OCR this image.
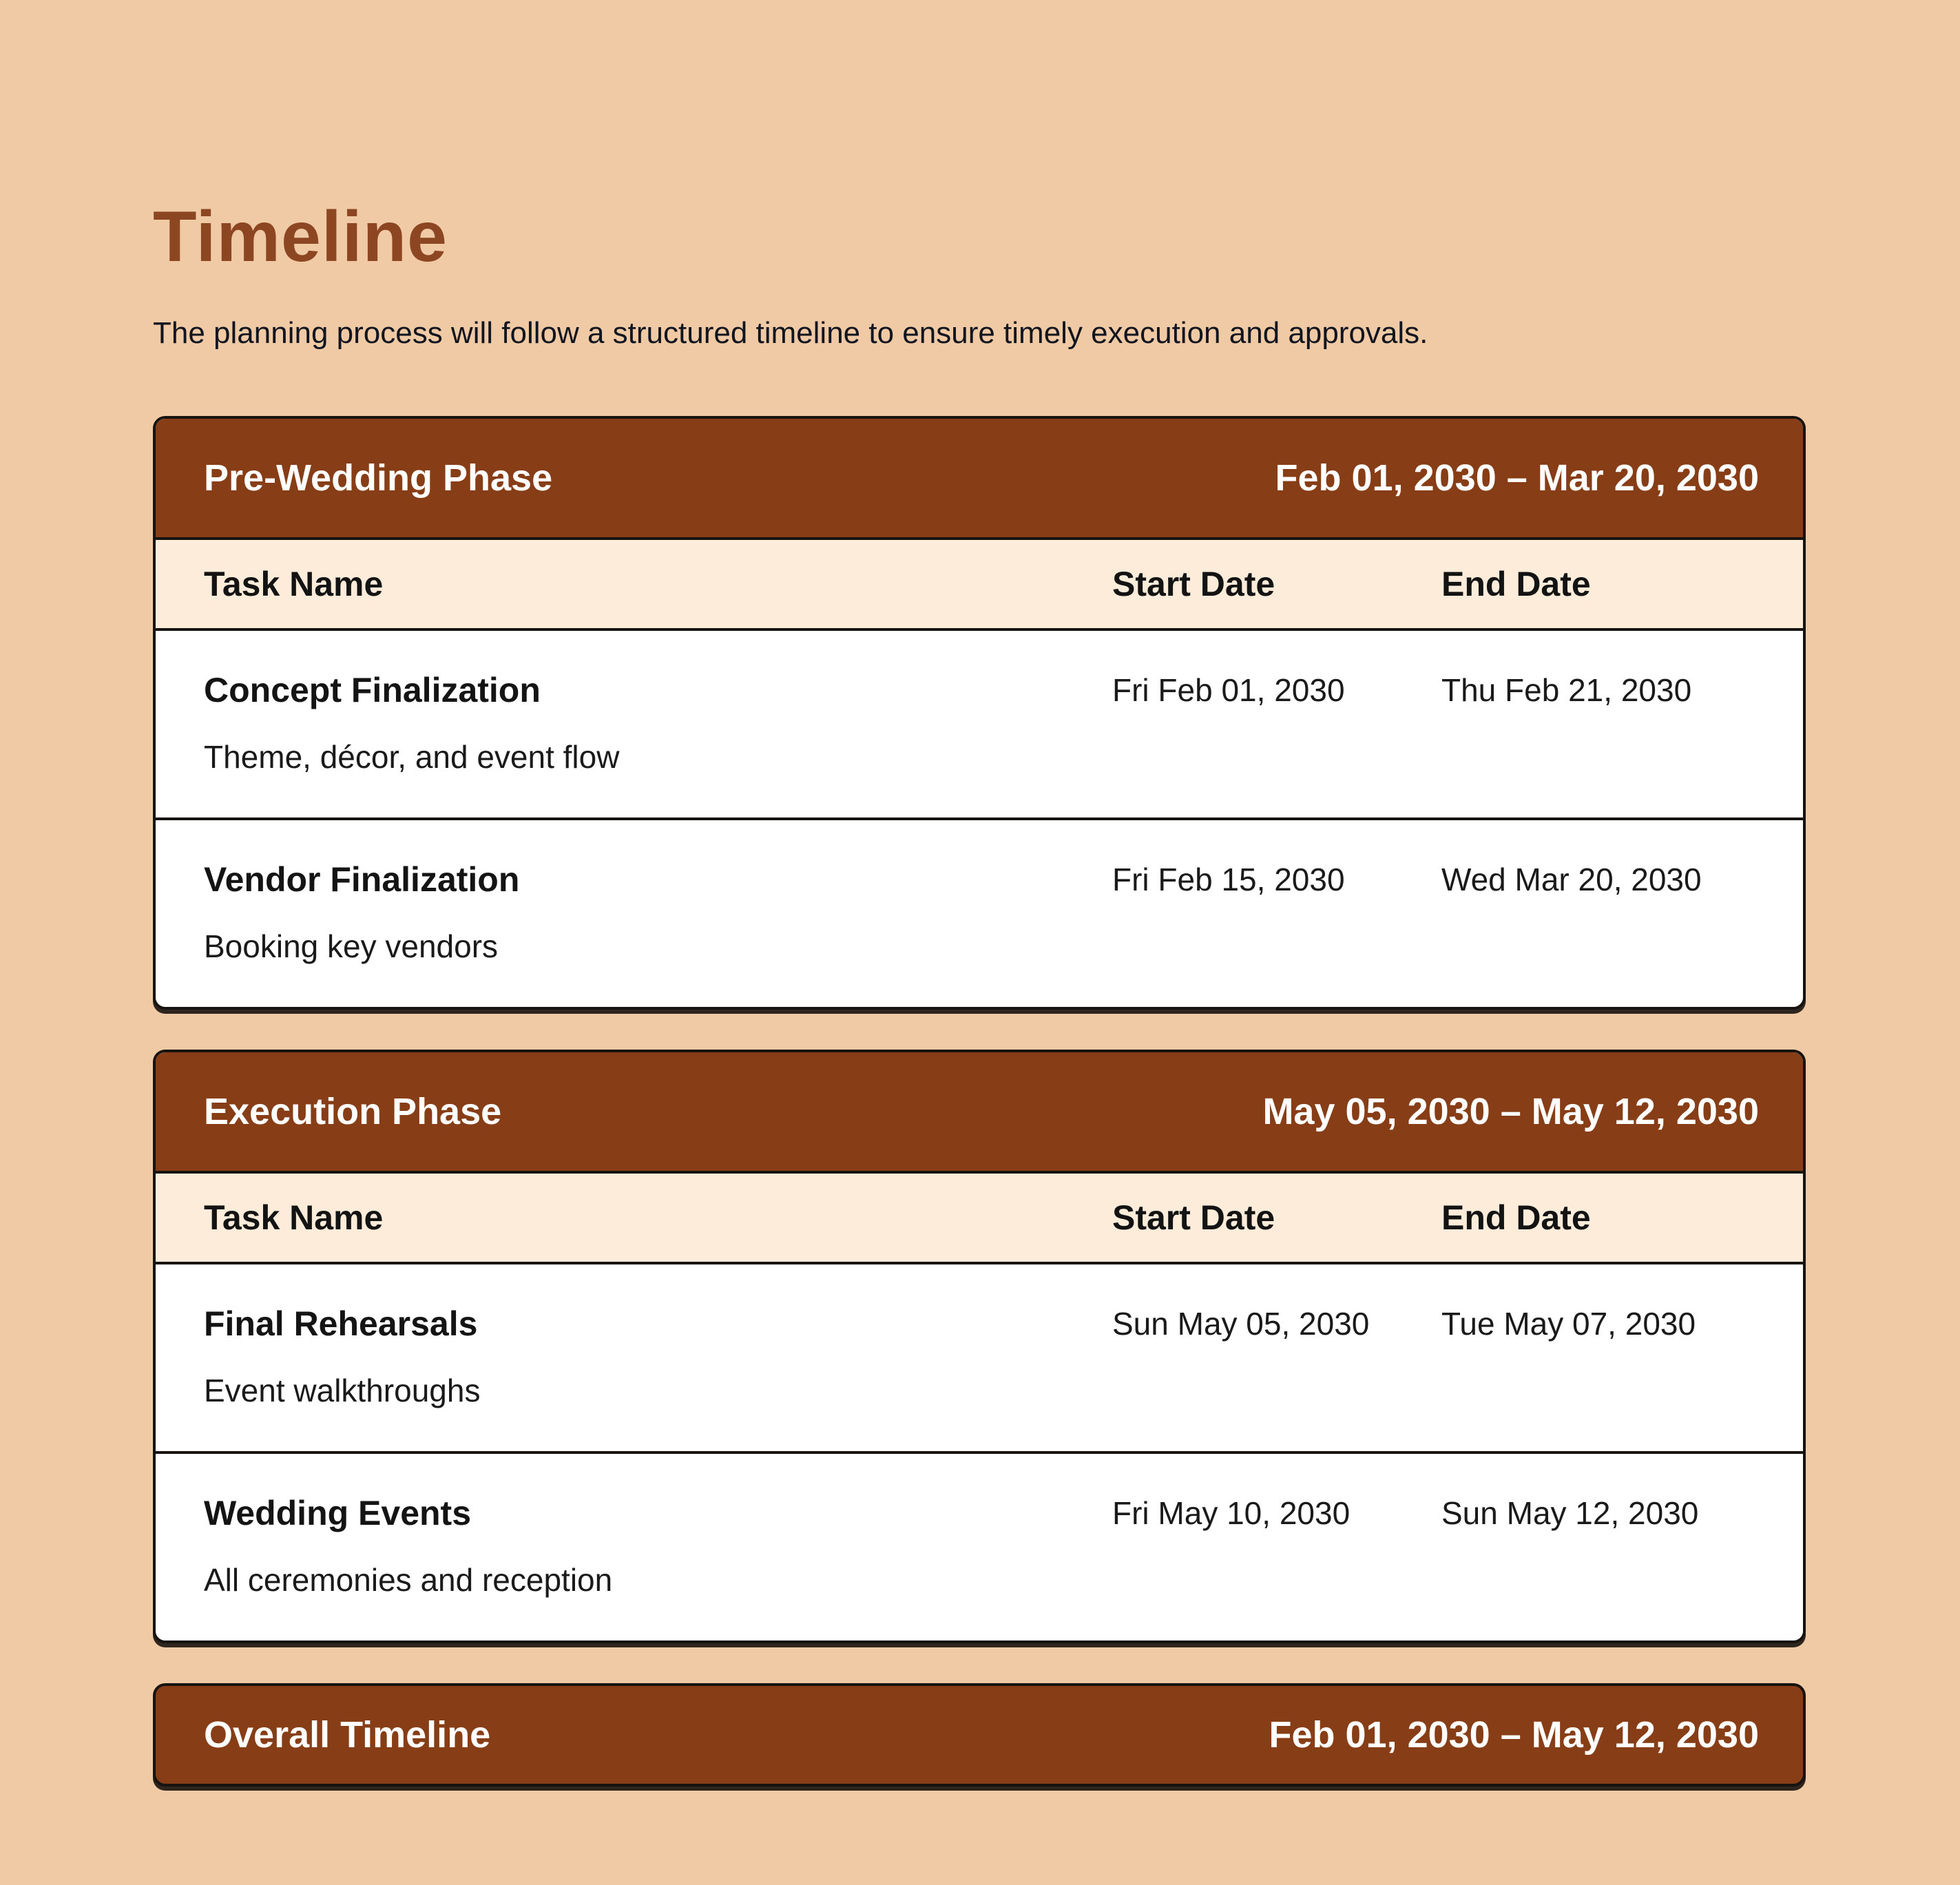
Timeline

The planning process will follow a structured timeline to ensure timely execution and approvals.

Pre-Wedding Phase	Feb 01, 2030 – Mar 20, 2030
Task Name	Start Date	End Date
Concept Finalization	Fri Feb 01, 2030	Thu Feb 21, 2030
Theme, décor, and event flow
Vendor Finalization	Fri Feb 15, 2030	Wed Mar 20, 2030
Booking key vendors
Execution Phase	May 05, 2030 – May 12, 2030
Task Name	Start Date	End Date
Final Rehearsals	Sun May 05, 2030	Tue May 07, 2030
Event walkthroughs
Wedding Events	Fri May 10, 2030	Sun May 12, 2030
All ceremonies and reception
Overall Timeline	Feb 01, 2030 – May 12, 2030
